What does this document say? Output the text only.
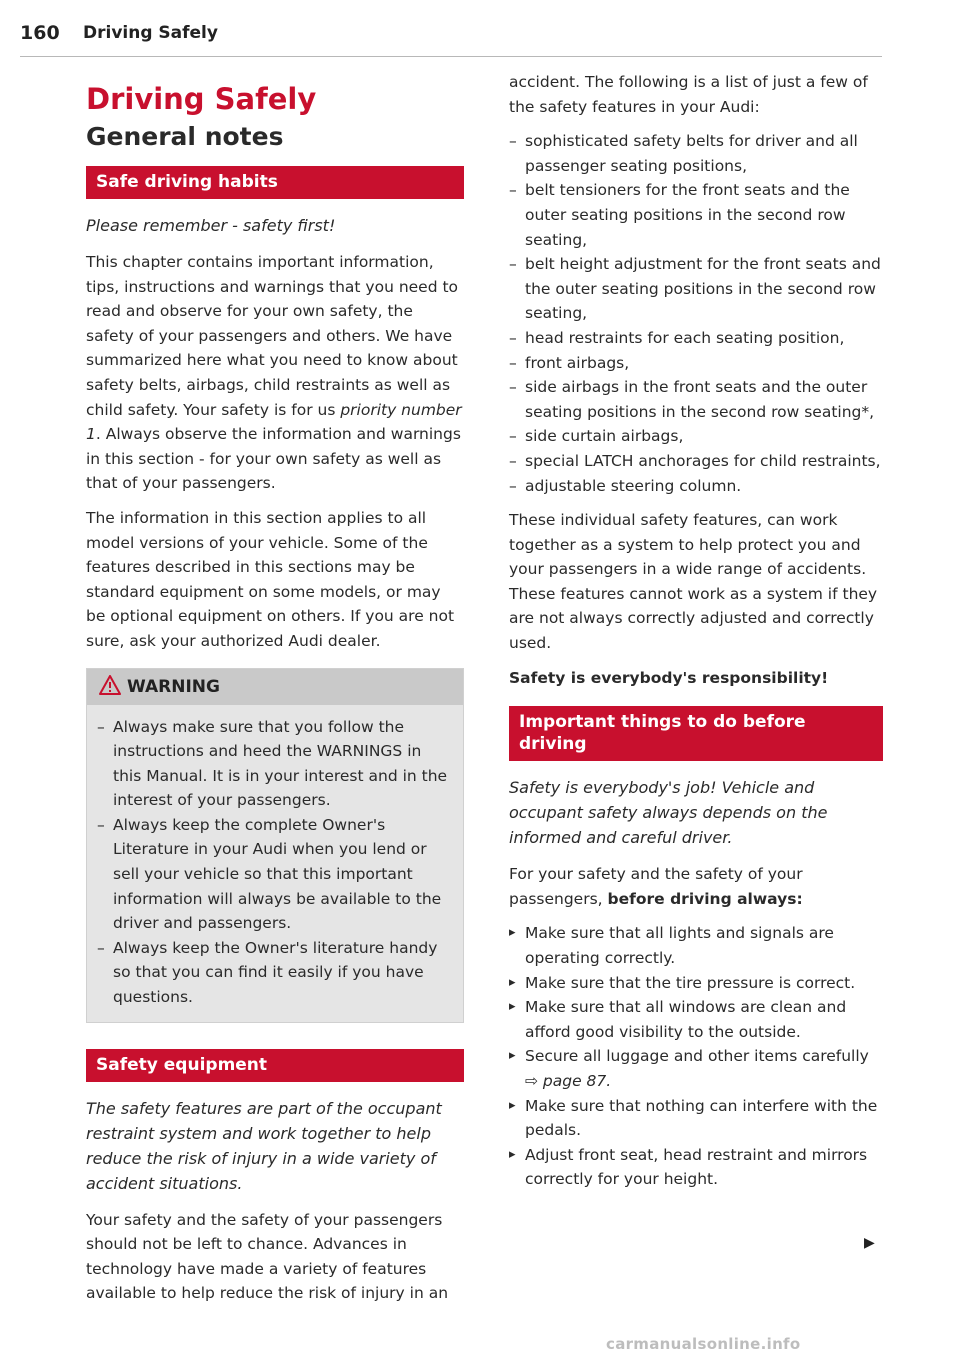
160 Driving Safely
Driving Safely
General notes
Safe driving habits

Please remember - safety first!

This chapter contains important information, tips, instructions and warnings that you need to read and observe for your own safety, the safety of your passengers and others. We have summarized here what you need to know about safety belts, airbags, child restraints as well as child safety. Your safety is for us priority number 1. Always observe the information and warnings in this section - for your own safety as well as that of your passengers.

The information in this section applies to all model versions of your vehicle. Some of the features described in this sections may be standard equipment on some models, or may be optional equipment on others. If you are not sure, ask your authorized Audi dealer.

WARNING
– Always make sure that you follow the instructions and heed the WARNINGS in this Manual. It is in your interest and in the interest of your passengers.
– Always keep the complete Owner's Literature in your Audi when you lend or sell your vehicle so that this important information will always be available to the driver and passengers.
– Always keep the Owner's literature handy so that you can find it easily if you have questions.
Safety equipment

The safety features are part of the occupant restraint system and work together to help reduce the risk of injury in a wide variety of accident situations.

Your safety and the safety of your passengers should not be left to chance. Advances in technology have made a variety of features available to help reduce the risk of injury in an

accident. The following is a list of just a few of the safety features in your Audi:

– sophisticated safety belts for driver and all passenger seating positions,
– belt tensioners for the front seats and the outer seating positions in the second row seating,
– belt height adjustment for the front seats and the outer seating positions in the second row seating,
– head restraints for each seating position,
– front airbags,
– side airbags in the front seats and the outer seating positions in the second row seating*,
– side curtain airbags,
– special LATCH anchorages for child restraints,
– adjustable steering column.

These individual safety features, can work together as a system to help protect you and your passengers in a wide range of accidents. These features cannot work as a system if they are not always correctly adjusted and correctly used.

Safety is everybody's responsibility!

Important things to do before driving

Safety is everybody's job! Vehicle and occupant safety always depends on the informed and careful driver.

For your safety and the safety of your passengers, before driving always:

▸ Make sure that all lights and signals are operating correctly.
▸ Make sure that the tire pressure is correct.
▸ Make sure that all windows are clean and afford good visibility to the outside.
▸ Secure all luggage and other items carefully
⇨ page 87.
▸ Make sure that nothing can interfere with the pedals.
▸ Adjust front seat, head restraint and mirrors correctly for your height.
▶
carmanualsonline.info
